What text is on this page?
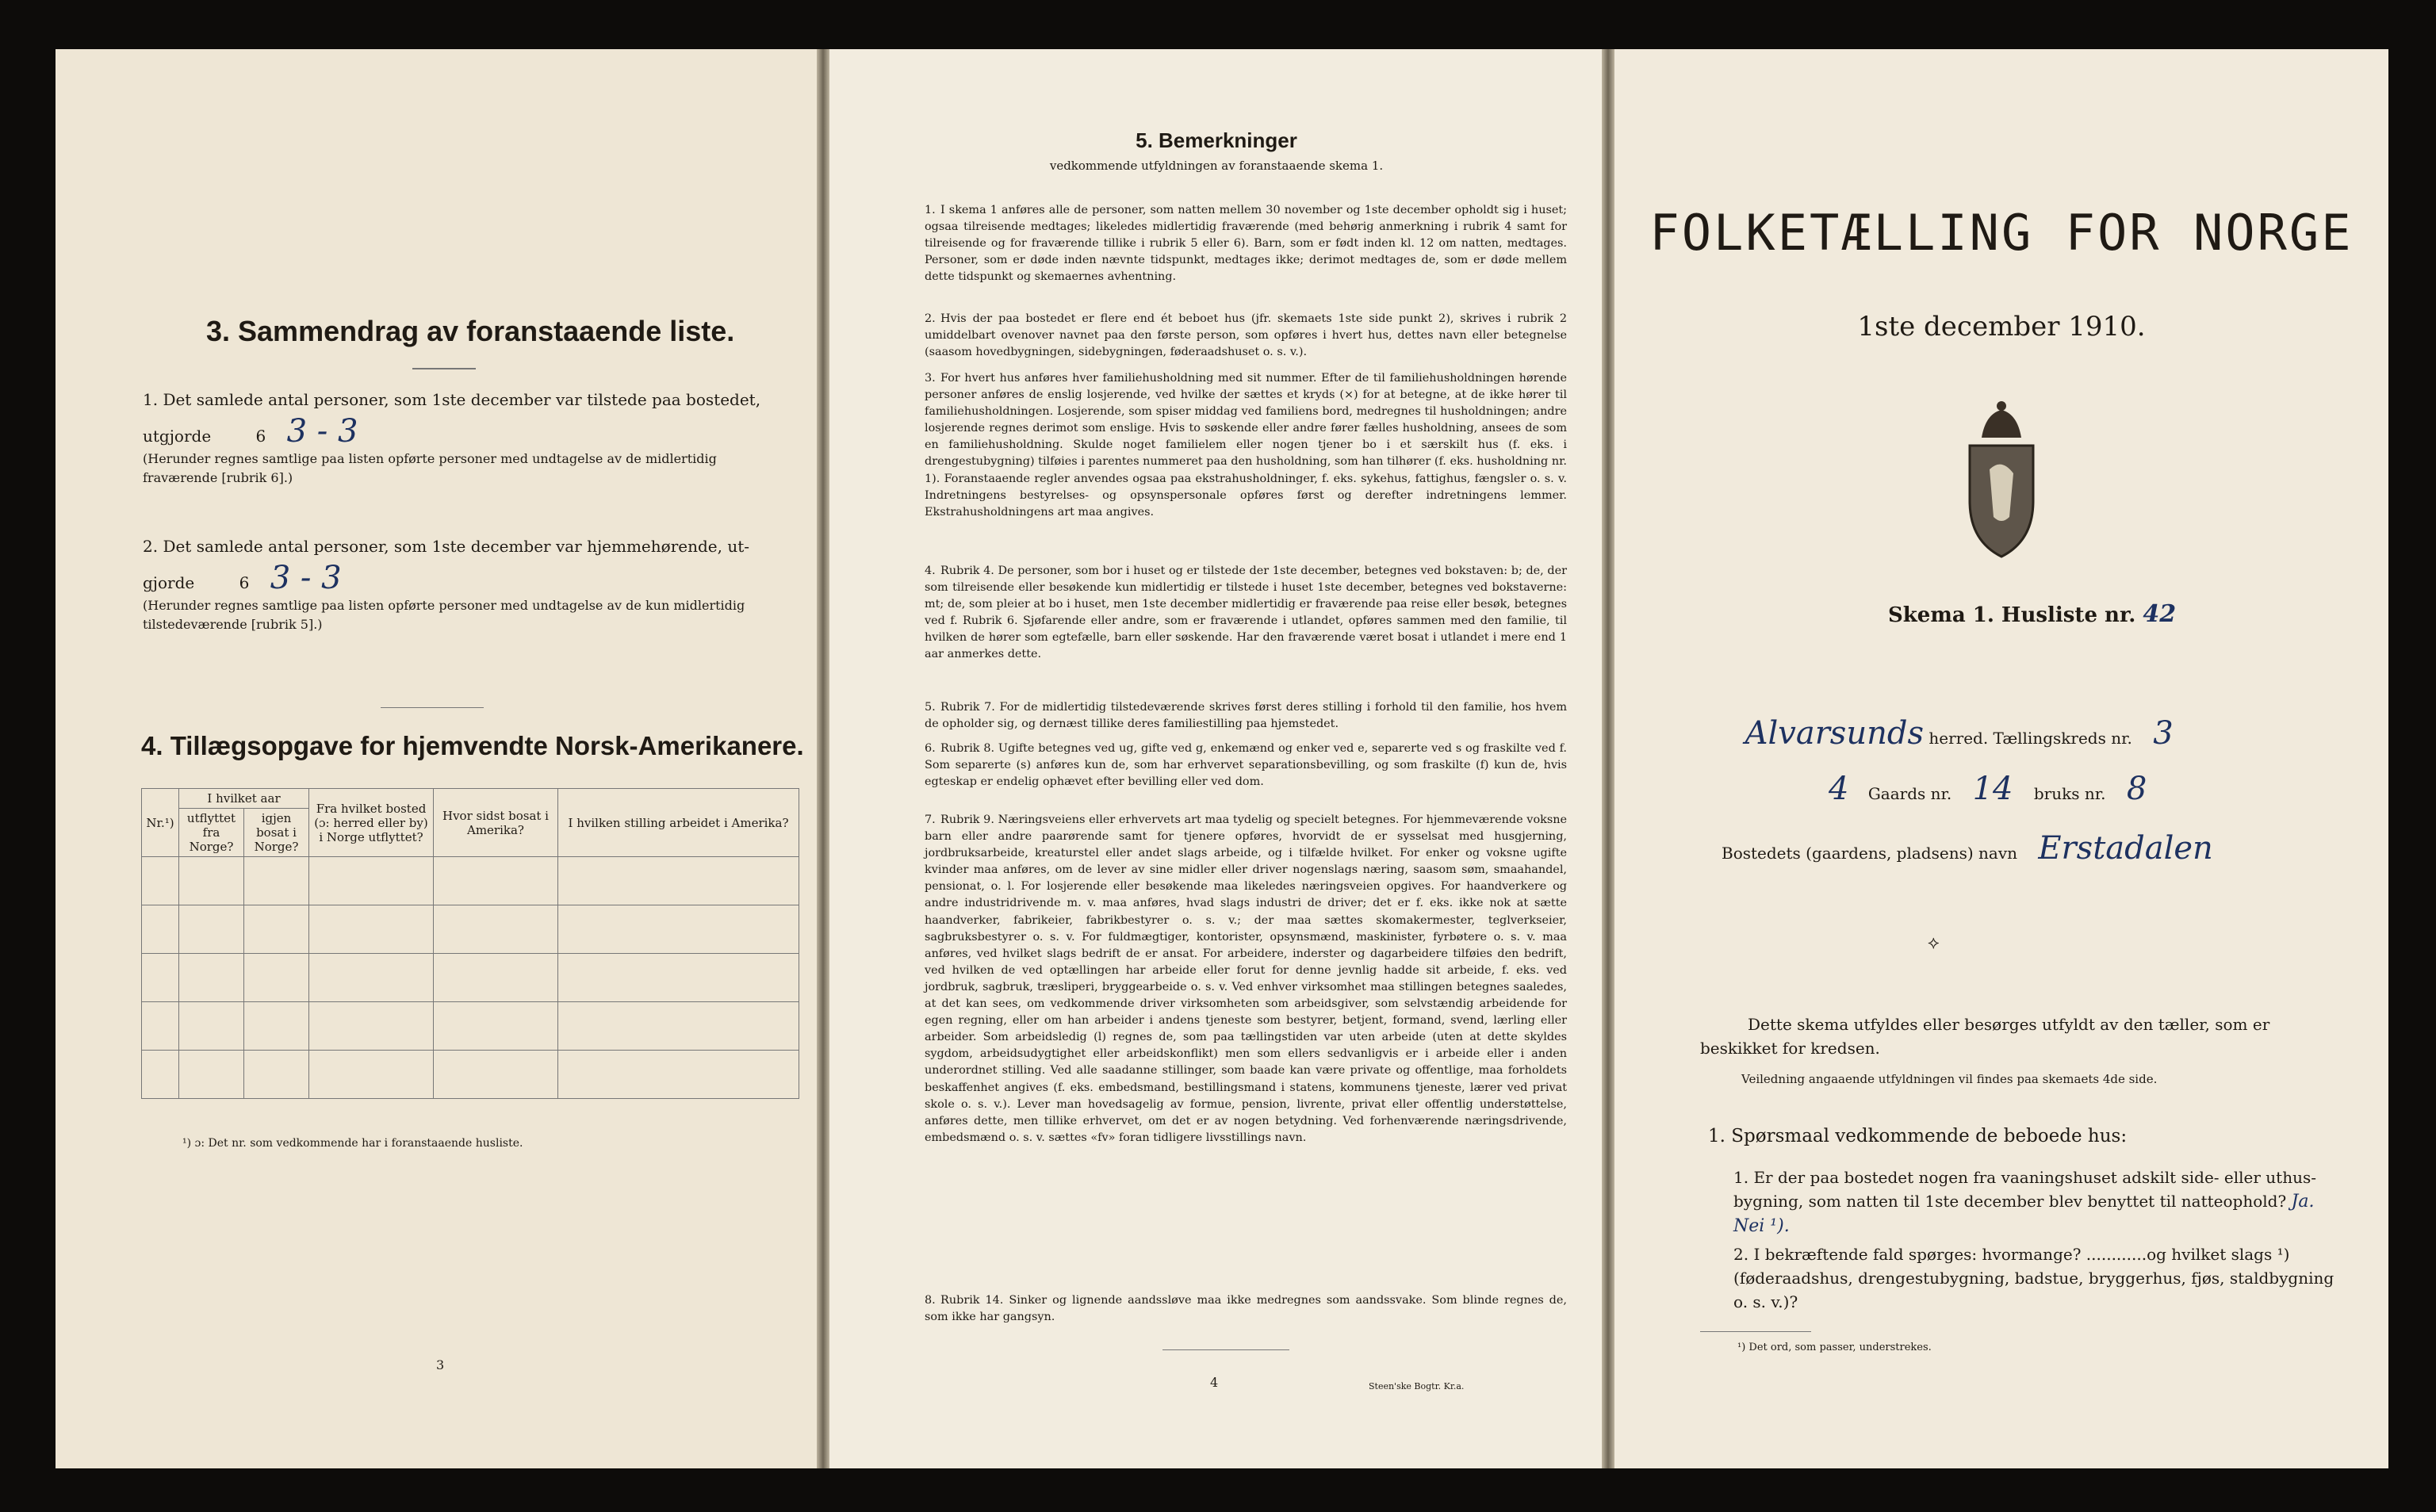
3. Sammendrag av foranstaaende liste.
1. Det samlede antal personer, som 1ste december var tilstede paa bostedet,
utgjorde	6 3 - 3
(Herunder regnes samtlige paa listen opførte personer med undtagelse av de midlertidig fraværende [rubrik 6].)
2. Det samlede antal personer, som 1ste december var hjemmehørende, ut-
gjorde	6 3 - 3
(Herunder regnes samtlige paa listen opførte personer med undtagelse av de kun midlertidig tilstedeværende [rubrik 5].)
4. Tillægsopgave for hjemvendte Norsk-Amerikanere.
Nr.¹)	I hvilket aar		Fra hvilket bosted (ɔ: herred eller by) i Norge utflyttet?	Hvor sidst bosat i Amerika?	I hvilken stilling arbeidet i Amerika?
	utflyttet fra Norge?	igjen bosat i Norge?			

¹) ɔ: Det nr. som vedkommende har i foranstaaende husliste.
3
5. Bemerkninger
vedkommende utfyldningen av foranstaaende skema 1.
1. I skema 1 anføres alle de personer, som natten mellem 30 november og 1ste december opholdt sig i huset; ogsaa tilreisende medtages; likeledes midlertidig fraværende (med behørig anmerkning i rubrik 4 samt for tilreisende og for fraværende tillike i rubrik 5 eller 6). Barn, som er født inden kl. 12 om natten, medtages. Personer, som er døde inden nævnte tidspunkt, medtages ikke; derimot medtages de, som er døde mellem dette tidspunkt og skemaernes avhentning.
2. Hvis der paa bostedet er flere end ét beboet hus (jfr. skemaets 1ste side punkt 2), skrives i rubrik 2 umiddelbart ovenover navnet paa den første person, som opføres i hvert hus, dettes navn eller betegnelse (saasom hovedbygningen, sidebygningen, føderaadshuset o. s. v.).
3. For hvert hus anføres hver familiehusholdning med sit nummer. Efter de til familiehusholdningen hørende personer anføres de enslig losjerende, ved hvilke der sættes et kryds (×) for at betegne, at de ikke hører til familiehusholdningen. Losjerende, som spiser middag ved familiens bord, medregnes til husholdningen; andre losjerende regnes derimot som enslige. Hvis to søskende eller andre fører fælles husholdning, ansees de som en familiehusholdning. Skulde noget familielem eller nogen tjener bo i et særskilt hus (f. eks. i drengestubygning) tilføies i parentes nummeret paa den husholdning, som han tilhører (f. eks. husholdning nr. 1). Foranstaaende regler anvendes ogsaa paa ekstrahusholdninger, f. eks. sykehus, fattighus, fængsler o. s. v. Indretningens bestyrelses- og opsynspersonale opføres først og derefter indretningens lemmer. Ekstrahusholdningens art maa angives.
4. Rubrik 4. De personer, som bor i huset og er tilstede der 1ste december, betegnes ved bokstaven: b; de, der som tilreisende eller besøkende kun midlertidig er tilstede i huset 1ste december, betegnes ved bokstaverne: mt; de, som pleier at bo i huset, men 1ste december midlertidig er fraværende paa reise eller besøk, betegnes ved f. Rubrik 6. Sjøfarende eller andre, som er fraværende i utlandet, opføres sammen med den familie, til hvilken de hører som egtefælle, barn eller søskende. Har den fraværende været bosat i utlandet i mere end 1 aar anmerkes dette.
5. Rubrik 7. For de midlertidig tilstedeværende skrives først deres stilling i forhold til den familie, hos hvem de opholder sig, og dernæst tillike deres familiestilling paa hjemstedet.
6. Rubrik 8. Ugifte betegnes ved ug, gifte ved g, enkemænd og enker ved e, separerte ved s og fraskilte ved f. Som separerte (s) anføres kun de, som har erhvervet separationsbevilling, og som fraskilte (f) kun de, hvis egteskap er endelig ophævet efter bevilling eller ved dom.
7. Rubrik 9. Næringsveiens eller erhvervets art maa tydelig og specielt betegnes. For hjemmeværende voksne barn eller andre paarørende samt for tjenere opføres, hvorvidt de er sysselsat med husgjerning, jordbruksarbeide, kreaturstel eller andet slags arbeide, og i tilfælde hvilket. For enker og voksne ugifte kvinder maa anføres, om de lever av sine midler eller driver nogenslags næring, saasom søm, smaahandel, pensionat, o. l. For losjerende eller besøkende maa likeledes næringsveien opgives. For haandverkere og andre industridrivende m. v. maa anføres, hvad slags industri de driver; det er f. eks. ikke nok at sætte haandverker, fabrikeier, fabrikbestyrer o. s. v.; der maa sættes skomakermester, teglverkseier, sagbruksbestyrer o. s. v. For fuldmægtiger, kontorister, opsynsmænd, maskinister, fyrbøtere o. s. v. maa anføres, ved hvilket slags bedrift de er ansat. For arbeidere, inderster og dagarbeidere tilføies den bedrift, ved hvilken de ved optællingen har arbeide eller forut for denne jevnlig hadde sit arbeide, f. eks. ved jordbruk, sagbruk, træsliperi, bryggearbeide o. s. v. Ved enhver virksomhet maa stillingen betegnes saaledes, at det kan sees, om vedkommende driver virksomheten som arbeidsgiver, som selvstændig arbeidende for egen regning, eller om han arbeider i andens tjeneste som bestyrer, betjent, formand, svend, lærling eller arbeider. Som arbeidsledig (l) regnes de, som paa tællingstiden var uten arbeide (uten at dette skyldes sygdom, arbeidsudygtighet eller arbeidskonflikt) men som ellers sedvanligvis er i arbeide eller i anden underordnet stilling. Ved alle saadanne stillinger, som baade kan være private og offentlige, maa forholdets beskaffenhet angives (f. eks. embedsmand, bestillingsmand i statens, kommunens tjeneste, lærer ved privat skole o. s. v.). Lever man hovedsagelig av formue, pension, livrente, privat eller offentlig understøttelse, anføres dette, men tillike erhvervet, om det er av nogen betydning. Ved forhenværende næringsdrivende, embedsmænd o. s. v. sættes «fv» foran tidligere livsstillings navn.
8. Rubrik 14. Sinker og lignende aandssløve maa ikke medregnes som aandssvake. Som blinde regnes de, som ikke har gangsyn.
4	Steen'ske Bogtr. Kr.a.
FOLKETÆLLING FOR NORGE
1ste december 1910.
Skema 1. Husliste nr. 42
Alvarsunds herred. Tællingskreds nr. 3
4 Gaards nr. 14 bruks nr. 8
Bostedets (gaardens, pladsens) navn Erstadalen
⟡
Dette skema utfyldes eller besørges utfyldt av den tæller, som er beskikket for kredsen.
Veiledning angaaende utfyldningen vil findes paa skemaets 4de side.
1. Spørsmaal vedkommende de beboede hus:
1. Er der paa bostedet nogen fra vaaningshuset adskilt side- eller uthus-bygning, som natten til 1ste december blev benyttet til natteophold? Ja. Nei ¹).
2. I bekræftende fald spørges: hvormange? ............og hvilket slags ¹) (føderaadshus, drengestubygning, badstue, bryggerhus, fjøs, staldbygning o. s. v.)?
¹) Det ord, som passer, understrekes.
